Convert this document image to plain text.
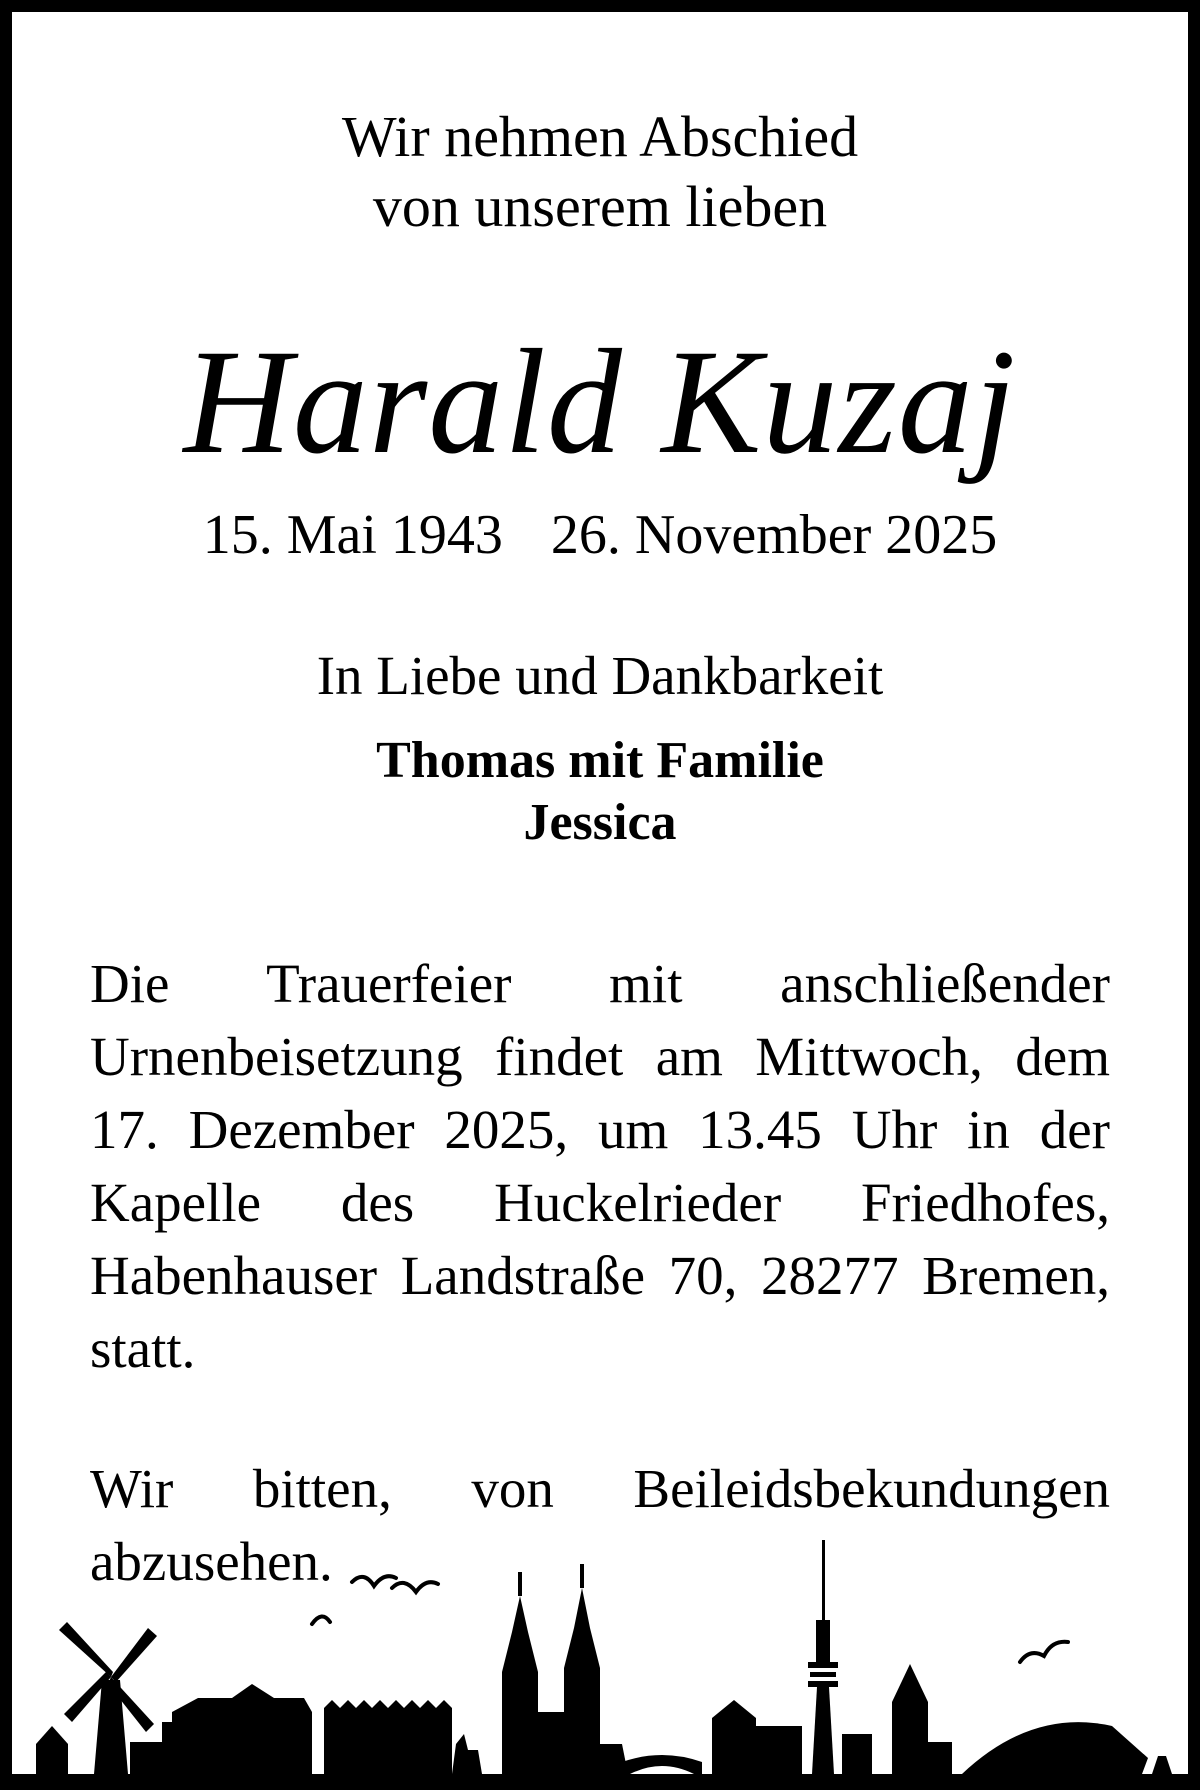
Wir nehmen Abschied
von unserem lieben
Harald Kuzaj
15. Mai 1943 26. November 2025
In Liebe und Dankbarkeit
Thomas mit Familie
Jessica
Die Trauerfeier mit anschließender Urnenbeisetzung findet am Mittwoch, dem 17. Dezember 2025, um 13.45 Uhr in der Kapelle des Huckelrieder Friedhofes, Habenhauser Landstraße 70, 28277 Bremen, statt.
Wir bitten, von Beileidsbekundungen abzusehen.
